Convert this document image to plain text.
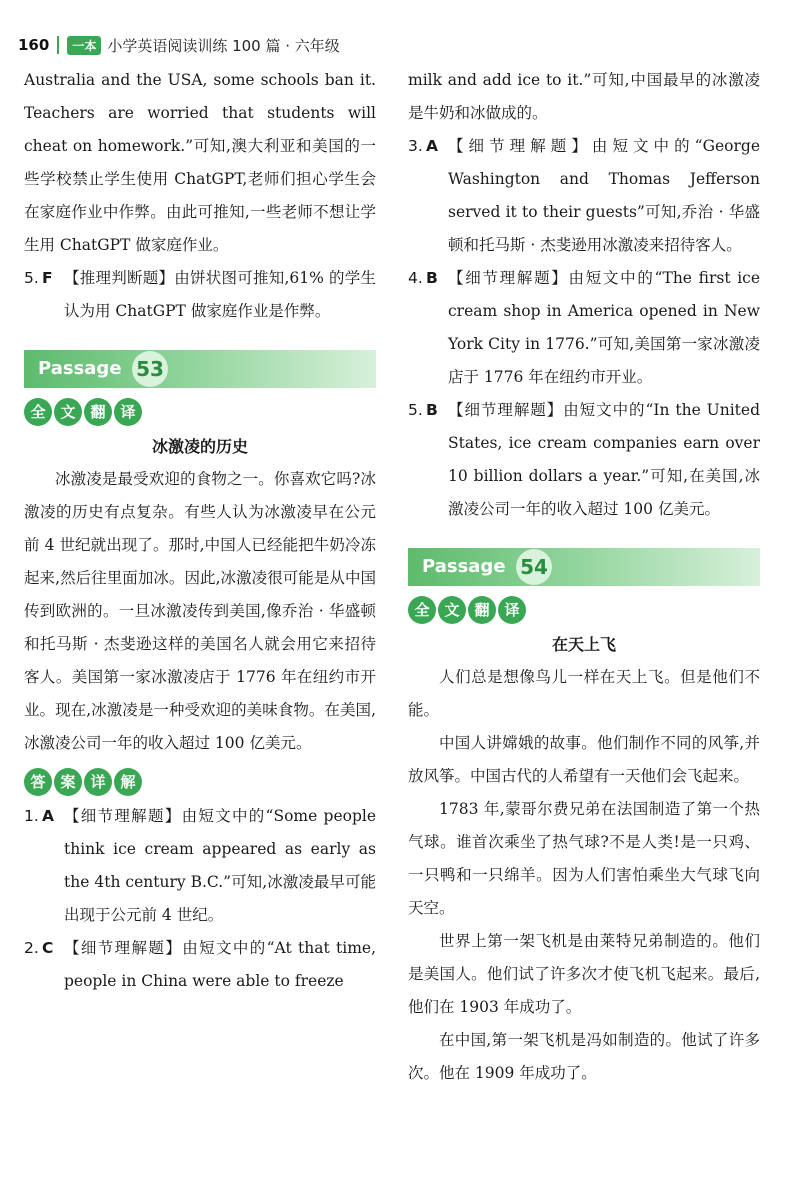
160	一本 小学英语阅读训练 100 篇 · 六年级

Australia and the USA, some schools ban it. Teachers are worried that students will cheat on homework.”可知,澳大利亚和美国的一些学校禁止学生使用 ChatGPT,老师们担心学生会在家庭作业中作弊。由此可推知,一些老师不想让学生用 ChatGPT 做家庭作业。

5. F 【推理判断题】由饼状图可推知,61% 的学生认为用 ChatGPT 做家庭作业是作弊。
Passage 53
全 文 翻 译

冰激凌的历史

冰激凌是最受欢迎的食物之一。你喜欢它吗?冰激凌的历史有点复杂。有些人认为冰激凌早在公元前 4 世纪就出现了。那时,中国人已经能把牛奶冷冻起来,然后往里面加冰。因此,冰激凌很可能是从中国传到欧洲的。一旦冰激凌传到美国,像乔治 · 华盛顿和托马斯 · 杰斐逊这样的美国名人就会用它来招待客人。美国第一家冰激凌店于 1776 年在纽约市开业。现在,冰激凌是一种受欢迎的美味食物。在美国,冰激凌公司一年的收入超过 100 亿美元。

答 案 详 解
1. A 【细节理解题】由短文中的“Some people think ice cream appeared as early as the 4th century B.C.”可知,冰激凌最早可能出现于公元前 4 世纪。
2. C 【细节理解题】由短文中的“At that time, people in China were able to freeze

milk and add ice to it.”可知,中国最早的冰激凌是牛奶和冰做成的。

3. A 【细节理解题】由短文中的“George Washington and Thomas Jefferson served it to their guests”可知,乔治 · 华盛顿和托马斯 · 杰斐逊用冰激凌来招待客人。
4. B 【细节理解题】由短文中的“The first ice cream shop in America opened in New York City in 1776.”可知,美国第一家冰激凌店于 1776 年在纽约市开业。
5. B 【细节理解题】由短文中的“In the United States, ice cream companies earn over 10 billion dollars a year.”可知,在美国,冰激凌公司一年的收入超过 100 亿美元。
Passage 54
全 文 翻 译

在天上飞

人们总是想像鸟儿一样在天上飞。但是他们不能。

中国人讲嫦娥的故事。他们制作不同的风筝,并放风筝。中国古代的人希望有一天他们会飞起来。

1783 年,蒙哥尔费兄弟在法国制造了第一个热气球。谁首次乘坐了热气球?不是人类!是一只鸡、一只鸭和一只绵羊。因为人们害怕乘坐大气球飞向天空。

世界上第一架飞机是由莱特兄弟制造的。他们是美国人。他们试了许多次才使飞机飞起来。最后,他们在 1903 年成功了。

在中国,第一架飞机是冯如制造的。他试了许多次。他在 1909 年成功了。
